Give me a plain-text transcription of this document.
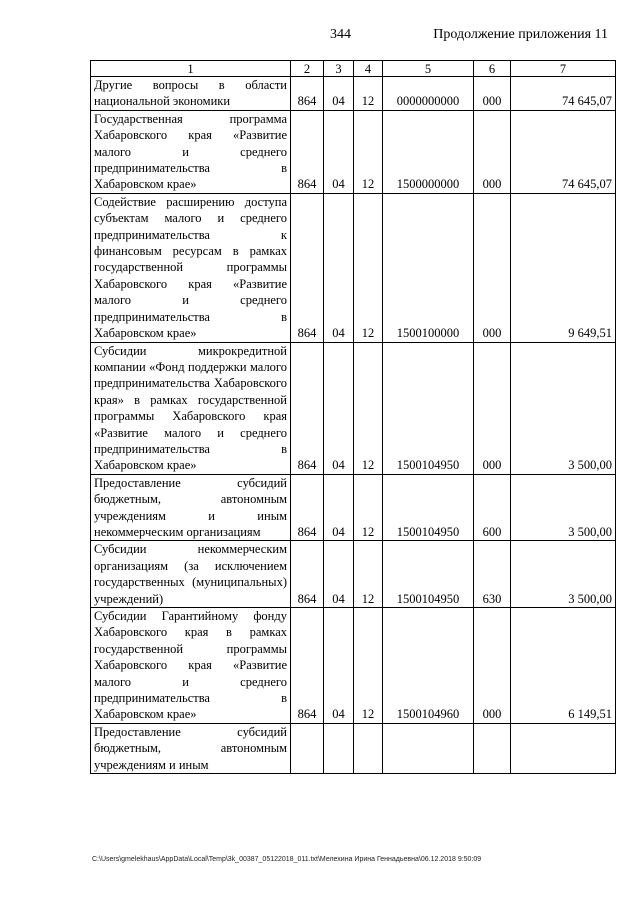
344	Продолжение приложения 11
1	2	3	4	5	6	7
Другие вопросы в области национальной экономики	864	04	12	0000000000	000	74 645,07
Государственная программа Хабаровского края «Развитие малого и среднего предпринимательства в Хабаровском крае»	864	04	12	1500000000	000	74 645,07
Содействие расширению доступа субъектам малого и среднего предпринимательства к финансовым ресурсам в рамках государственной программы Хабаровского края «Развитие малого и среднего предпринимательства в Хабаровском крае»	864	04	12	1500100000	000	9 649,51
Субсидии микрокредитной компании «Фонд поддержки малого предпринимательства Хабаровского края» в рамках государственной программы Хабаровского края «Развитие малого и среднего предпринимательства в Хабаровском крае»	864	04	12	1500104950	000	3 500,00
Предоставление субсидий бюджетным, автономным учреждениям и иным некоммерческим организациям	864	04	12	1500104950	600	3 500,00
Субсидии некоммерческим организациям (за исключением государственных (муниципальных) учреждений)	864	04	12	1500104950	630	3 500,00
Субсидии Гарантийному фонду Хабаровского края в рамках государственной программы Хабаровского края «Развитие малого и среднего предпринимательства в Хабаровском крае»	864	04	12	1500104960	000	6 149,51
Предоставление субсидий бюджетным, автономным учреждениям и иным						
C:\Users\gmelekhaus\AppData\Local\Temp\3k_00387_05122018_011.txt\Мелехина Ирина Геннадьевна\06.12.2018 9:50:09
